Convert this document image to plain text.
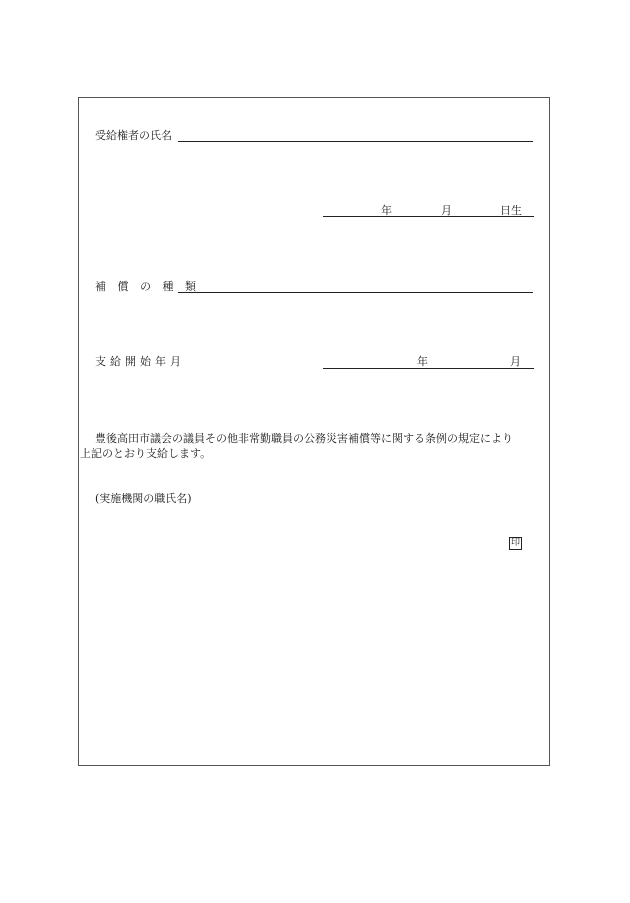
受給権者の氏名
年	月	日生
補 償 の 種 類
支給開始年月	年	月
豊後高田市議会の議員その他非常勤職員の公務災害補償等に関する条例の規定により
上記のとおり支給します。
(実施機関の職氏名)
印
